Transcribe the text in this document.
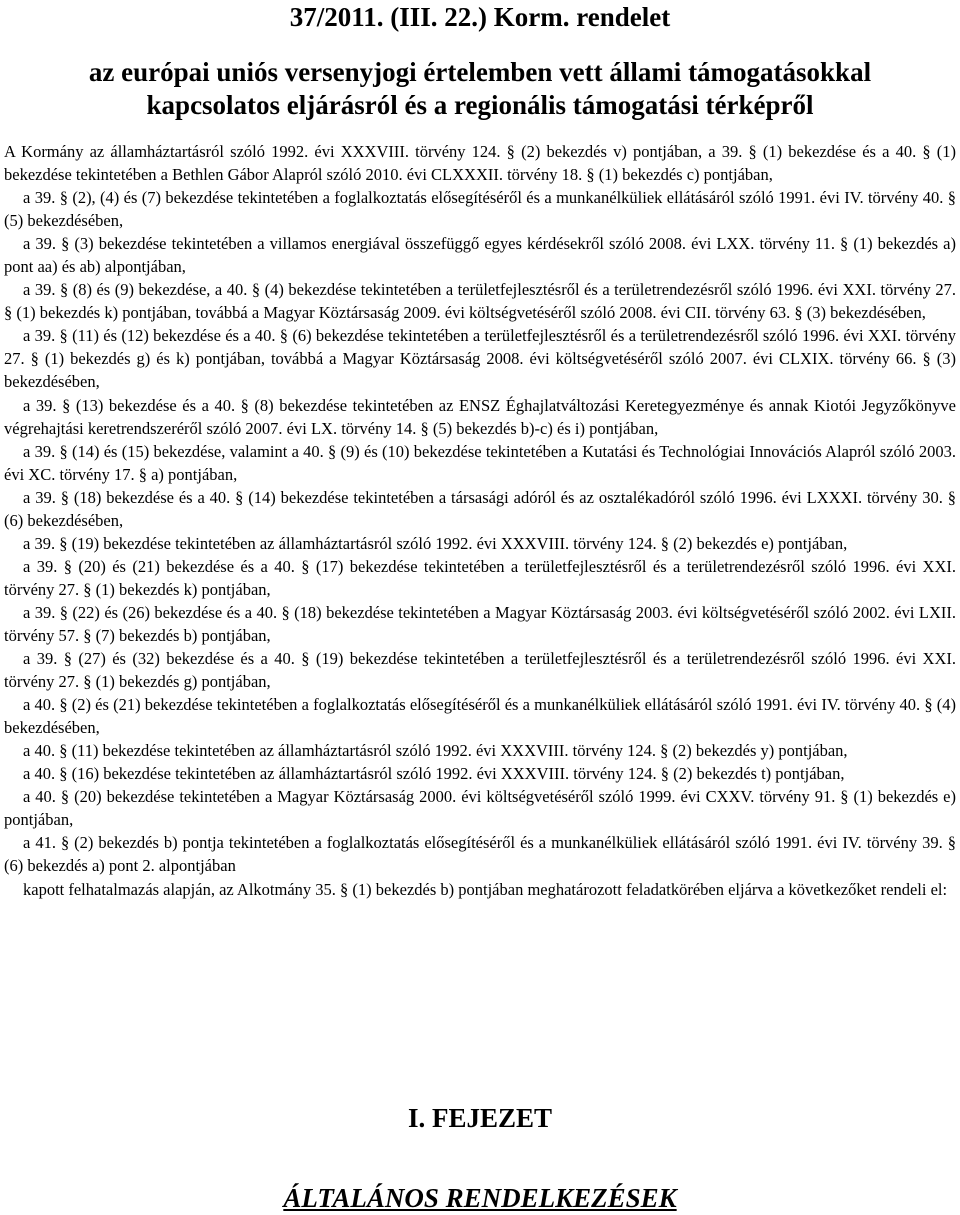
37/2011. (III. 22.) Korm. rendelet
az európai uniós versenyjogi értelemben vett állami támogatásokkal
kapcsolatos eljárásról és a regionális támogatási térképről

A Kormány az államháztartásról szóló 1992. évi XXXVIII. törvény 124. § (2) bekezdés v) pontjában, a 39. § (1) bekezdése és a 40. § (1) bekezdése tekintetében a Bethlen Gábor Alapról szóló 2010. évi CLXXXII. törvény 18. § (1) bekezdés c) pontjában,

a 39. § (2), (4) és (7) bekezdése tekintetében a foglalkoztatás elősegítéséről és a munkanélküliek ellátásáról szóló 1991. évi IV. törvény 40. § (5) bekezdésében,

a 39. § (3) bekezdése tekintetében a villamos energiával összefüggő egyes kérdésekről szóló 2008. évi LXX. törvény 11. § (1) bekezdés a) pont aa) és ab) alpontjában,

a 39. § (8) és (9) bekezdése, a 40. § (4) bekezdése tekintetében a területfejlesztésről és a területrendezésről szóló 1996. évi XXI. törvény 27. § (1) bekezdés k) pontjában, továbbá a Magyar Köztársaság 2009. évi költségvetéséről szóló 2008. évi CII. törvény 63. § (3) bekezdésében,

a 39. § (11) és (12) bekezdése és a 40. § (6) bekezdése tekintetében a területfejlesztésről és a területrendezésről szóló 1996. évi XXI. törvény 27. § (1) bekezdés g) és k) pontjában, továbbá a Magyar Köztársaság 2008. évi költségvetéséről szóló 2007. évi CLXIX. törvény 66. § (3) bekezdésében,

a 39. § (13) bekezdése és a 40. § (8) bekezdése tekintetében az ENSZ Éghajlatváltozási Keretegyezménye és annak Kiotói Jegyzőkönyve végrehajtási keretrendszeréről szóló 2007. évi LX. törvény 14. § (5) bekezdés b)-c) és i) pontjában,

a 39. § (14) és (15) bekezdése, valamint a 40. § (9) és (10) bekezdése tekintetében a Kutatási és Technológiai Innovációs Alapról szóló 2003. évi XC. törvény 17. § a) pontjában,

a 39. § (18) bekezdése és a 40. § (14) bekezdése tekintetében a társasági adóról és az osztalékadóról szóló 1996. évi LXXXI. törvény 30. § (6) bekezdésében,

a 39. § (19) bekezdése tekintetében az államháztartásról szóló 1992. évi XXXVIII. törvény 124. § (2) bekezdés e) pontjában,

a 39. § (20) és (21) bekezdése és a 40. § (17) bekezdése tekintetében a területfejlesztésről és a területrendezésről szóló 1996. évi XXI. törvény 27. § (1) bekezdés k) pontjában,

a 39. § (22) és (26) bekezdése és a 40. § (18) bekezdése tekintetében a Magyar Köztársaság 2003. évi költségvetéséről szóló 2002. évi LXII. törvény 57. § (7) bekezdés b) pontjában,

a 39. § (27) és (32) bekezdése és a 40. § (19) bekezdése tekintetében a területfejlesztésről és a területrendezésről szóló 1996. évi XXI. törvény 27. § (1) bekezdés g) pontjában,

a 40. § (2) és (21) bekezdése tekintetében a foglalkoztatás elősegítéséről és a munkanélküliek ellátásáról szóló 1991. évi IV. törvény 40. § (4) bekezdésében,

a 40. § (11) bekezdése tekintetében az államháztartásról szóló 1992. évi XXXVIII. törvény 124. § (2) bekezdés y) pontjában,

a 40. § (16) bekezdése tekintetében az államháztartásról szóló 1992. évi XXXVIII. törvény 124. § (2) bekezdés t) pontjában,

a 40. § (20) bekezdése tekintetében a Magyar Köztársaság 2000. évi költségvetéséről szóló 1999. évi CXXV. törvény 91. § (1) bekezdés e) pontjában,

a 41. § (2) bekezdés b) pontja tekintetében a foglalkoztatás elősegítéséről és a munkanélküliek ellátásáról szóló 1991. évi IV. törvény 39. § (6) bekezdés a) pont 2. alpontjában

kapott felhatalmazás alapján, az Alkotmány 35. § (1) bekezdés b) pontjában meghatározott feladatkörében eljárva a következőket rendeli el:

I. FEJEZET
ÁLTALÁNOS RENDELKEZÉSEK
